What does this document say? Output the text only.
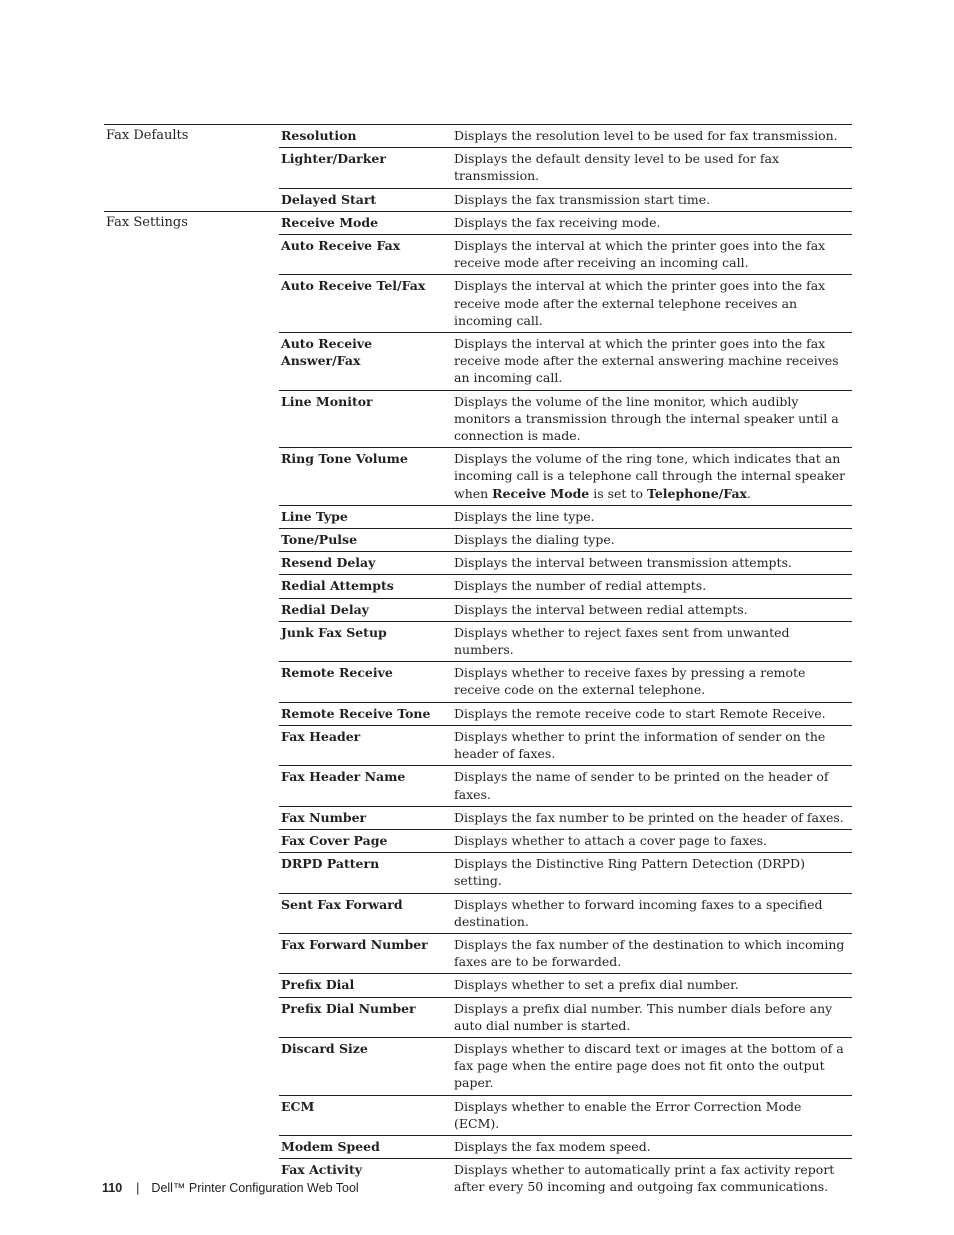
Fax Defaults	Resolution	Displays the resolution level to be used for fax transmission.
	Lighter/Darker	Displays the default density level to be used for fax transmission.
	Delayed Start	Displays the fax transmission start time.
Fax Settings	Receive Mode	Displays the fax receiving mode.
	Auto Receive Fax	Displays the interval at which the printer goes into the fax receive mode after receiving an incoming call.
	Auto Receive Tel/Fax	Displays the interval at which the printer goes into the fax receive mode after the external telephone receives an incoming call.
	Auto Receive Answer/Fax	Displays the interval at which the printer goes into the fax receive mode after the external answering machine receives an incoming call.
	Line Monitor	Displays the volume of the line monitor, which audibly monitors a transmission through the internal speaker until a connection is made.
	Ring Tone Volume	Displays the volume of the ring tone, which indicates that an incoming call is a telephone call through the internal speaker when Receive Mode is set to Telephone/Fax.
	Line Type	Displays the line type.
	Tone/Pulse	Displays the dialing type.
	Resend Delay	Displays the interval between transmission attempts.
	Redial Attempts	Displays the number of redial attempts.
	Redial Delay	Displays the interval between redial attempts.
	Junk Fax Setup	Displays whether to reject faxes sent from unwanted numbers.
	Remote Receive	Displays whether to receive faxes by pressing a remote receive code on the external telephone.
	Remote Receive Tone	Displays the remote receive code to start Remote Receive.
	Fax Header	Displays whether to print the information of sender on the header of faxes.
	Fax Header Name	Displays the name of sender to be printed on the header of faxes.
	Fax Number	Displays the fax number to be printed on the header of faxes.
	Fax Cover Page	Displays whether to attach a cover page to faxes.
	DRPD Pattern	Displays the Distinctive Ring Pattern Detection (DRPD) setting.
	Sent Fax Forward	Displays whether to forward incoming faxes to a specified destination.
	Fax Forward Number	Displays the fax number of the destination to which incoming faxes are to be forwarded.
	Prefix Dial	Displays whether to set a prefix dial number.
	Prefix Dial Number	Displays a prefix dial number. This number dials before any auto dial number is started.
	Discard Size	Displays whether to discard text or images at the bottom of a fax page when the entire page does not fit onto the output paper.
	ECM	Displays whether to enable the Error Correction Mode (ECM).
	Modem Speed	Displays the fax modem speed.
	Fax Activity	Displays whether to automatically print a fax activity report after every 50 incoming and outgoing fax communications.
110 | Dell™ Printer Configuration Web Tool
